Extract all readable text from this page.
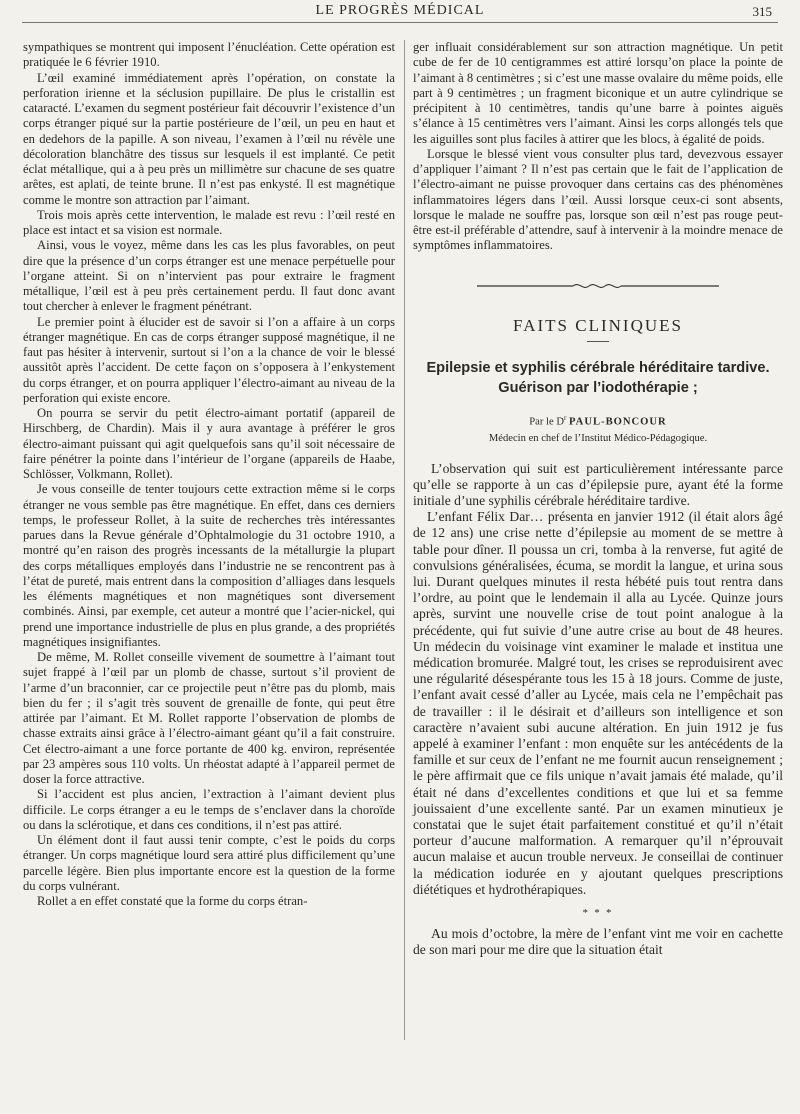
LE PROGRÈS MÉDICAL	315

sympathiques se montrent qui imposent l’énucléation. Cette opération est pratiquée le 6 février 1910.

L’œil examiné immédiatement après l’opération, on constate la perforation irienne et la séclusion pupillaire. De plus le cristallin est cataracté. L’examen du segment postérieur fait découvrir l’existence d’un corps étranger piqué sur la partie postérieure de l’œil, un peu en haut et en dedehors de la papille. A son niveau, l’examen à l’œil nu révèle une décoloration blanchâtre des tissus sur lesquels il est implanté. Ce petit éclat métallique, qui a à peu près un millimètre sur chacune de ses quatre arêtes, est aplati, de teinte brune. Il n’est pas enkysté. Il est magnétique comme le montre son attraction par l’aimant.

Trois mois après cette intervention, le malade est revu : l’œil resté en place est intact et sa vision est normale.

Ainsi, vous le voyez, même dans les cas les plus favorables, on peut dire que la présence d’un corps étranger est une menace perpétuelle pour l’organe atteint. Si on n’intervient pas pour extraire le fragment métallique, l’œil est à peu près certainement perdu. Il faut donc avant tout chercher à enlever le fragment pénétrant.

Le premier point à élucider est de savoir si l’on a affaire à un corps étranger magnétique. En cas de corps étranger supposé magnétique, il ne faut pas hésiter à intervenir, surtout si l’on a la chance de voir le blessé aussitôt après l’accident. De cette façon on s’opposera à l’enkystement du corps étranger, et on pourra appliquer l’électro-aimant au niveau de la perforation qui existe encore.

On pourra se servir du petit électro-aimant portatif (appareil de Hirschberg, de Chardin). Mais il y aura avantage à préférer le gros électro-aimant puissant qui agit quelquefois sans qu’il soit nécessaire de faire pénétrer la pointe dans l’intérieur de l’organe (appareils de Haabe, Schlösser, Volkmann, Rollet).

Je vous conseille de tenter toujours cette extraction même si le corps étranger ne vous semble pas être magnétique. En effet, dans ces derniers temps, le professeur Rollet, à la suite de recherches très intéressantes parues dans la Revue générale d’Ophtalmologie du 31 octobre 1910, a montré qu’en raison des progrès incessants de la métallurgie la plupart des corps métalliques employés dans l’industrie ne se rencontrent pas à l’état de pureté, mais entrent dans la composition d’alliages dans lesquels les éléments magnétiques et non magnétiques sont diversement combinés. Ainsi, par exemple, cet auteur a montré que l’acier-nickel, qui prend une importance industrielle de plus en plus grande, a des propriétés magnétiques insignifiantes.

De même, M. Rollet conseille vivement de soumettre à l’aimant tout sujet frappé à l’œil par un plomb de chasse, surtout s’il provient de l’arme d’un braconnier, car ce projectile peut n’être pas du plomb, mais bien du fer ; il s’agit très souvent de grenaille de fonte, qui peut être attirée par l’aimant. Et M. Rollet rapporte l’observation de plombs de chasse extraits ainsi grâce à l’électro-aimant géant qu’il a fait construire. Cet électro-aimant a une force portante de 400 kg. environ, représentée par 23 ampères sous 110 volts. Un rhéostat adapté à l’appareil permet de doser la force attractive.

Si l’accident est plus ancien, l’extraction à l’aimant devient plus difficile. Le corps étranger a eu le temps de s’enclaver dans la choroïde ou dans la sclérotique, et dans ces conditions, il n’est pas attiré.

Un élément dont il faut aussi tenir compte, c’est le poids du corps étranger. Un corps magnétique lourd sera attiré plus difficilement qu’une parcelle légère. Bien plus importante encore est la question de la forme du corps vulnérant.

Rollet a en effet constaté que la forme du corps étran-

ger influait considérablement sur son attraction magnétique. Un petit cube de fer de 10 centigrammes est attiré lorsqu’on place la pointe de l’aimant à 8 centimètres ; si c’est une masse ovalaire du même poids, elle part à 9 centimètres ; un fragment biconique et un autre cylindrique se précipitent à 10 centimètres, tandis qu’une barre à pointes aiguës s’élance à 15 centimètres vers l’aimant. Ainsi les corps allongés tels que les aiguilles sont plus faciles à attirer que les blocs, à égalité de poids.

Lorsque le blessé vient vous consulter plus tard, devezvous essayer d’appliquer l’aimant ? Il n’est pas certain que le fait de l’application de l’électro-aimant ne puisse provoquer dans certains cas des phénomènes inflammatoires légers dans l’œil. Aussi lorsque ceux-ci sont absents, lorsque le malade ne souffre pas, lorsque son œil n’est pas rouge peut-être est-il préférable d’attendre, sauf à intervenir à la moindre menace de symptômes inflammatoires.

FAITS CLINIQUES
Epilepsie et syphilis cérébrale héréditaire tardive. Guérison par l’iodothérapie ;
Par le $D^r$ PAUL-BONCOUR
Médecin en chef de l’Institut Médico-Pédagogique.

L’observation qui suit est particulièrement intéressante parce qu’elle se rapporte à un cas d’épilepsie pure, ayant été la forme initiale d’une syphilis cérébrale héréditaire tardive.

L’enfant Félix Dar… présenta en janvier 1912 (il était alors âgé de 12 ans) une crise nette d’épilepsie au moment de se mettre à table pour dîner. Il poussa un cri, tomba à la renverse, fut agité de convulsions généralisées, écuma, se mordit la langue, et urina sous lui. Durant quelques minutes il resta hébété puis tout rentra dans l’ordre, au point que le lendemain il alla au Lycée. Quinze jours après, survint une nouvelle crise de tout point analogue à la précédente, qui fut suivie d’une autre crise au bout de 48 heures. Un médecin du voisinage vint examiner le malade et institua une médication bromurée. Malgré tout, les crises se reproduisirent avec une régularité désespérante tous les 15 à 18 jours. Comme de juste, l’enfant avait cessé d’aller au Lycée, mais cela ne l’empêchait pas de travailler : il le désirait et d’ailleurs son intelligence et son caractère n’avaient subi aucune altération. En juin 1912 je fus appelé à examiner l’enfant : mon enquête sur les antécédents de la famille et sur ceux de l’enfant ne me fournit aucun renseignement ; le père affirmait que ce fils unique n’avait jamais été malade, qu’il était né dans d’excellentes conditions et que lui et sa femme jouissaient d’une excellente santé. Par un examen minutieux je constatai que le sujet était parfaitement constitué et qu’il n’était porteur d’aucune malformation. A remarquer qu’il n’éprouvait aucun malaise et aucun trouble nerveux. Je conseillai de continuer la médication iodurée en y ajoutant quelques prescriptions diététiques et hydrothérapiques.

* * *

Au mois d’octobre, la mère de l’enfant vint me voir en cachette de son mari pour me dire que la situation était
